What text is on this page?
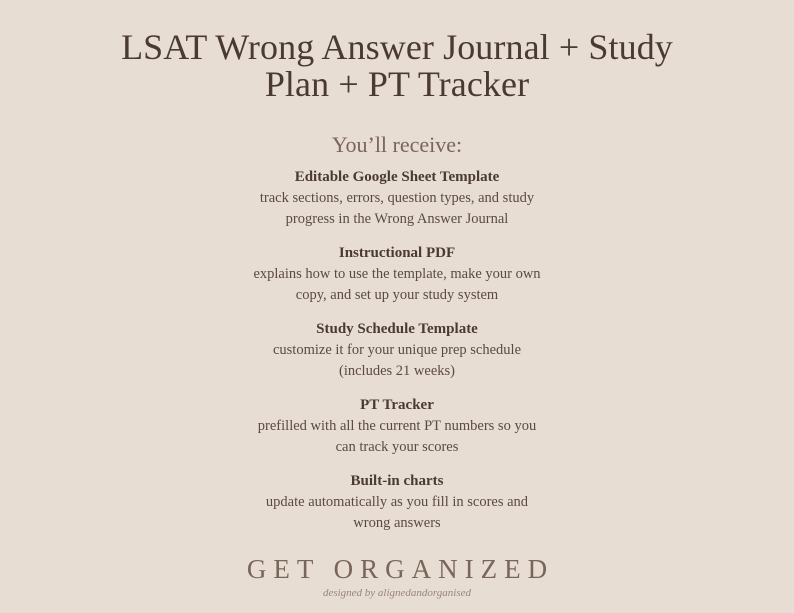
LSAT Wrong Answer Journal + Study
Plan + PT Tracker
You’ll receive:
Editable Google Sheet Template
track sections, errors, question types, and study
progress in the Wrong Answer Journal
Instructional PDF
explains how to use the template, make your own
copy, and set up your study system
Study Schedule Template
customize it for your unique prep schedule
(includes 21 weeks)
PT Tracker
prefilled with all the current PT numbers so you
can track your scores
Built-in charts
update automatically as you fill in scores and
wrong answers
GET ORGANIZED
designed by alignedandorganised
